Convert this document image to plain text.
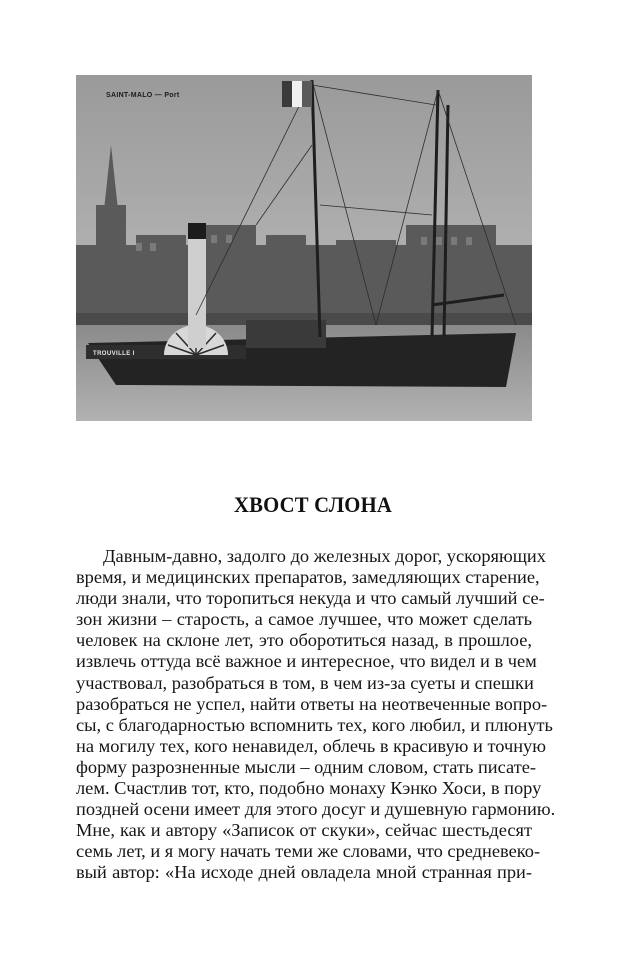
SAINT-MALO — Port
TROUVILLE I
ХВОСТ СЛОНА
Давным-давно, задолго до железных дорог, ускоряющих
время, и медицинских препаратов, замедляющих старение,
люди знали, что торопиться некуда и что самый лучший се-
зон жизни – старость, а самое лучшее, что может сделать
человек на склоне лет, это оборотиться назад, в прошлое,
извлечь оттуда всё важное и интересное, что видел и в чем
участвовал, разобраться в том, в чем из-за суеты и спешки
разобраться не успел, найти ответы на неотвеченные вопро-
сы, с благодарностью вспомнить тех, кого любил, и плюнуть
на могилу тех, кого ненавидел, облечь в красивую и точную
форму разрозненные мысли – одним словом, стать писате-
лем. Счастлив тот, кто, подобно монаху Кэнко Хоси, в пору
поздней осени имеет для этого досуг и душевную гармонию.
Мне, как и автору «Записок от скуки», сейчас шестьдесят
семь лет, и я могу начать теми же словами, что средневеко-
вый автор: «На исходе дней овладела мной странная при-
